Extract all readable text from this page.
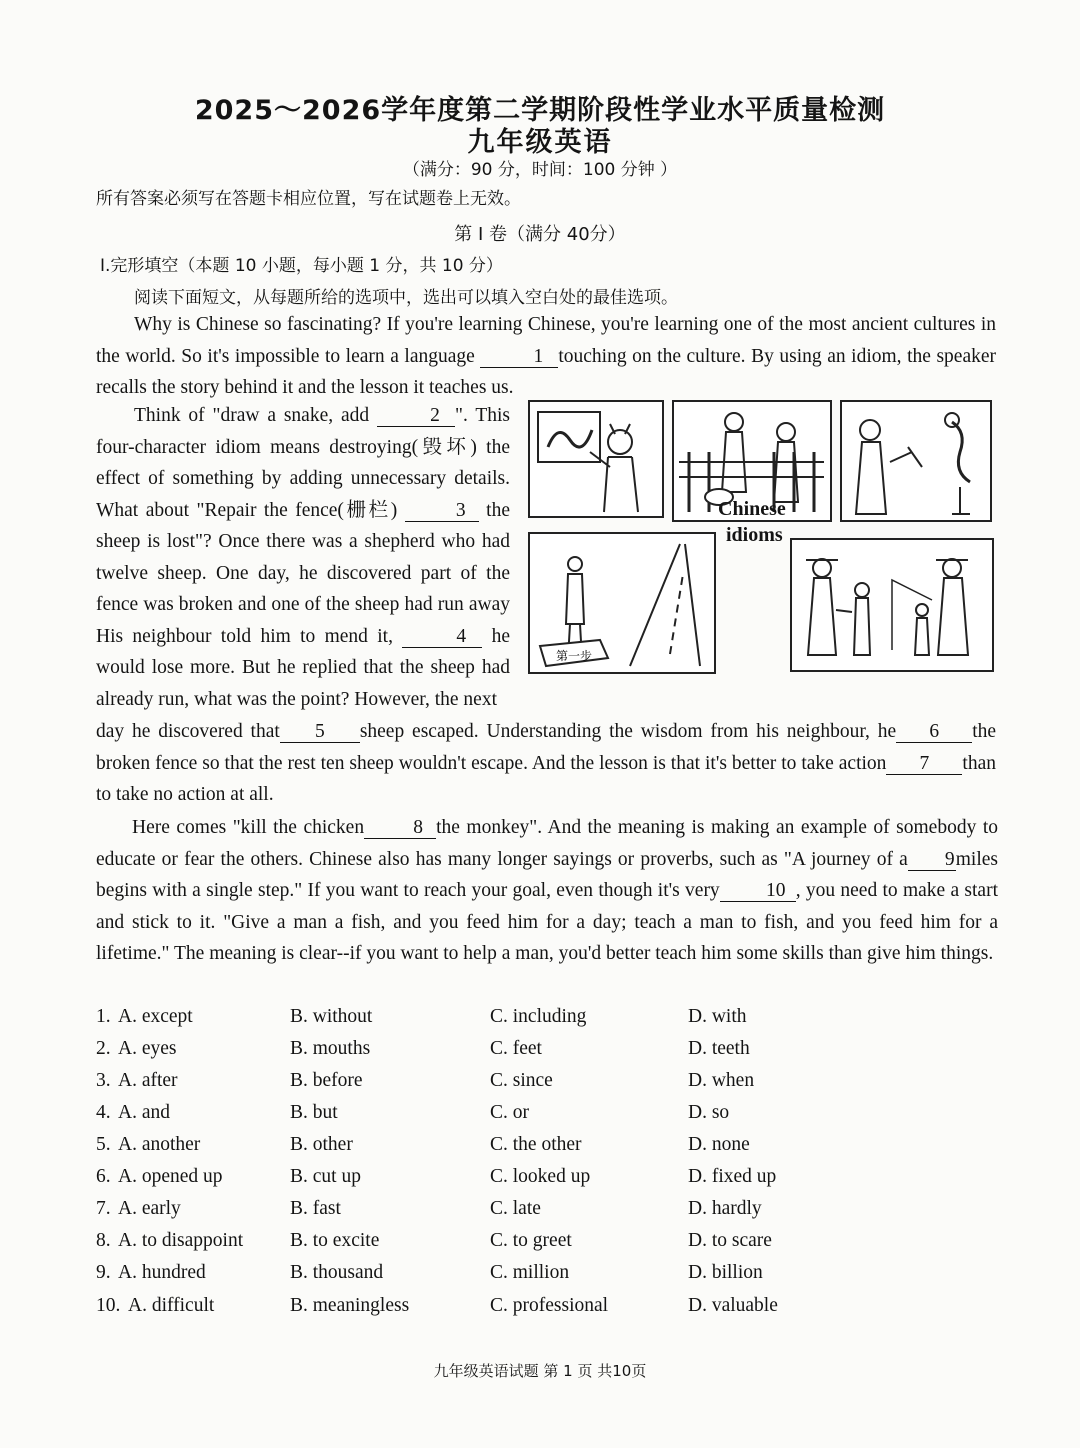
2025～2026学年度第二学期阶段性学业水平质量检测
九年级英语
（满分：90 分，时间：100 分钟 ）
所有答案必须写在答题卡相应位置，写在试题卷上无效。
第 I 卷（满分 40分）
I.完形填空（本题 10 小题，每小题 1 分，共 10 分）
阅读下面短文，从每题所给的选项中，选出可以填入空白处的最佳选项。
Why is Chinese so fascinating? If you're learning Chinese, you're learning one of the most ancient cultures in the world. So it's impossible to learn a language	1 touching on the culture. By using an idiom, the speaker recalls the story behind it and the lesson it teaches us.
Think of "draw a snake, add	2 ". This four-character idiom means destroying(毁坏) the effect of something by adding unnecessary details. What about "Repair the fence(栅栏)	3 the sheep is lost"? Once there was a shepherd who had twelve sheep. One day, he discovered part of the fence was broken and one of the sheep had run away His neighbour told him to mend it,	4 he would lose more. But he replied that the sheep had already run, what was the point? However, the next
day he discovered that 5 sheep escaped. Understanding the wisdom from his neighbour, he 6 the broken fence so that the rest ten sheep wouldn't escape. And the lesson is that it's better to take action 7 than to take no action at all.
Here comes "kill the chicken	8 the monkey". And the meaning is making an example of somebody to educate or fear the others. Chinese also has many longer sayings or proverbs, such as "A journey of a 9miles begins with a single step." If you want to reach your goal, even though it's very 10 , you need to make a start and stick to it. "Give a man a fish, and you feed him for a day; teach a man to fish, and you feed him for a lifetime." The meaning is clear--if you want to help a man, you'd better teach him some skills than give him things.
第一步
Chinese
idioms
1. A. except	B. without	C. including	D. with
2. A. eyes	B. mouths	C. feet	D. teeth
3. A. after	B. before	C. since	D. when
4. A. and	B. but	C. or	D. so
5. A. another	B. other	C. the other	D. none
6. A. opened up	B. cut up	C. looked up	D. fixed up
7. A. early	B. fast	C. late	D. hardly
8. A. to disappoint B. to excite	C. to greet	D. to scare
9. A. hundred	B. thousand	C. million	D. billion
10. A. difficult	B. meaningless	C. professional	D. valuable
九年级英语试题 第 1 页 共10页
